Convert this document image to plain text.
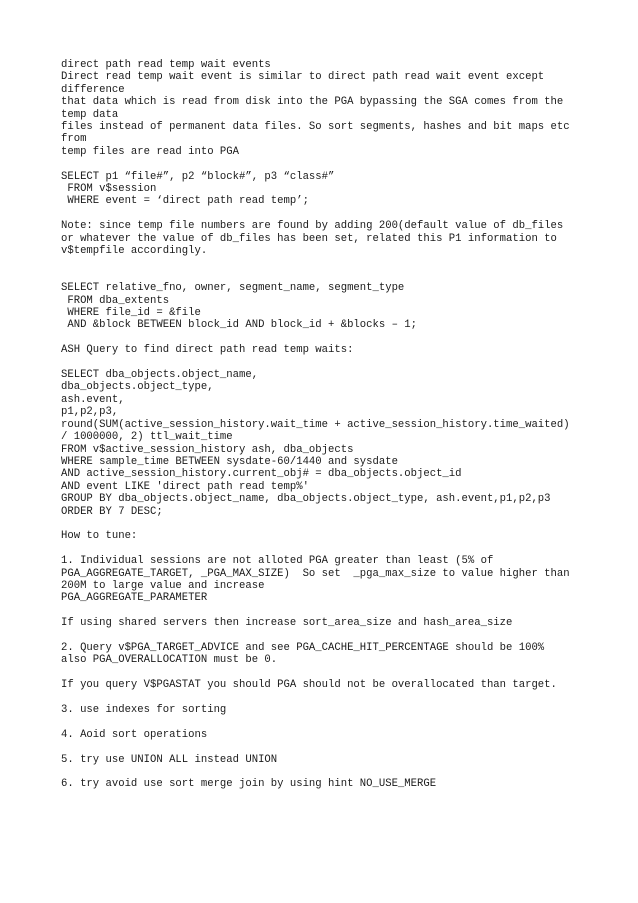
direct path read temp wait events
Direct read temp wait event is similar to direct path read wait event except
difference
that data which is read from disk into the PGA bypassing the SGA comes from the
temp data
files instead of permanent data files. So sort segments, hashes and bit maps etc
from
temp files are read into PGA
SELECT p1 “file#”, p2 “block#”, p3 “class#”
FROM v$session
WHERE event = ‘direct path read temp’;
Note: since temp file numbers are found by adding 200(default value of db_files
or whatever the value of db_files has been set, related this P1 information to
v$tempfile accordingly.
SELECT relative_fno, owner, segment_name, segment_type
FROM dba_extents
WHERE file_id = &file
AND &block BETWEEN block_id AND block_id + &blocks – 1;
ASH Query to find direct path read temp waits:
SELECT dba_objects.object_name,
dba_objects.object_type,
ash.event,
p1,p2,p3,
round(SUM(active_session_history.wait_time + active_session_history.time_waited)
/ 1000000, 2) ttl_wait_time
FROM v$active_session_history ash, dba_objects
WHERE sample_time BETWEEN sysdate-60/1440 and sysdate
AND active_session_history.current_obj# = dba_objects.object_id
AND event LIKE 'direct path read temp%'
GROUP BY dba_objects.object_name, dba_objects.object_type, ash.event,p1,p2,p3
ORDER BY 7 DESC;
How to tune:
1. Individual sessions are not alloted PGA greater than least (5% of
PGA_AGGREGATE_TARGET, _PGA_MAX_SIZE)  So set  _pga_max_size to value higher than
200M to large value and increase
PGA_AGGREGATE_PARAMETER
If using shared servers then increase sort_area_size and hash_area_size
2. Query v$PGA_TARGET_ADVICE and see PGA_CACHE_HIT_PERCENTAGE should be 100%
also PGA_OVERALLOCATION must be 0.
If you query V$PGASTAT you should PGA should not be overallocated than target.
3. use indexes for sorting
4. Aoid sort operations
5. try use UNION ALL instead UNION
6. try avoid use sort merge join by using hint NO_USE_MERGE
